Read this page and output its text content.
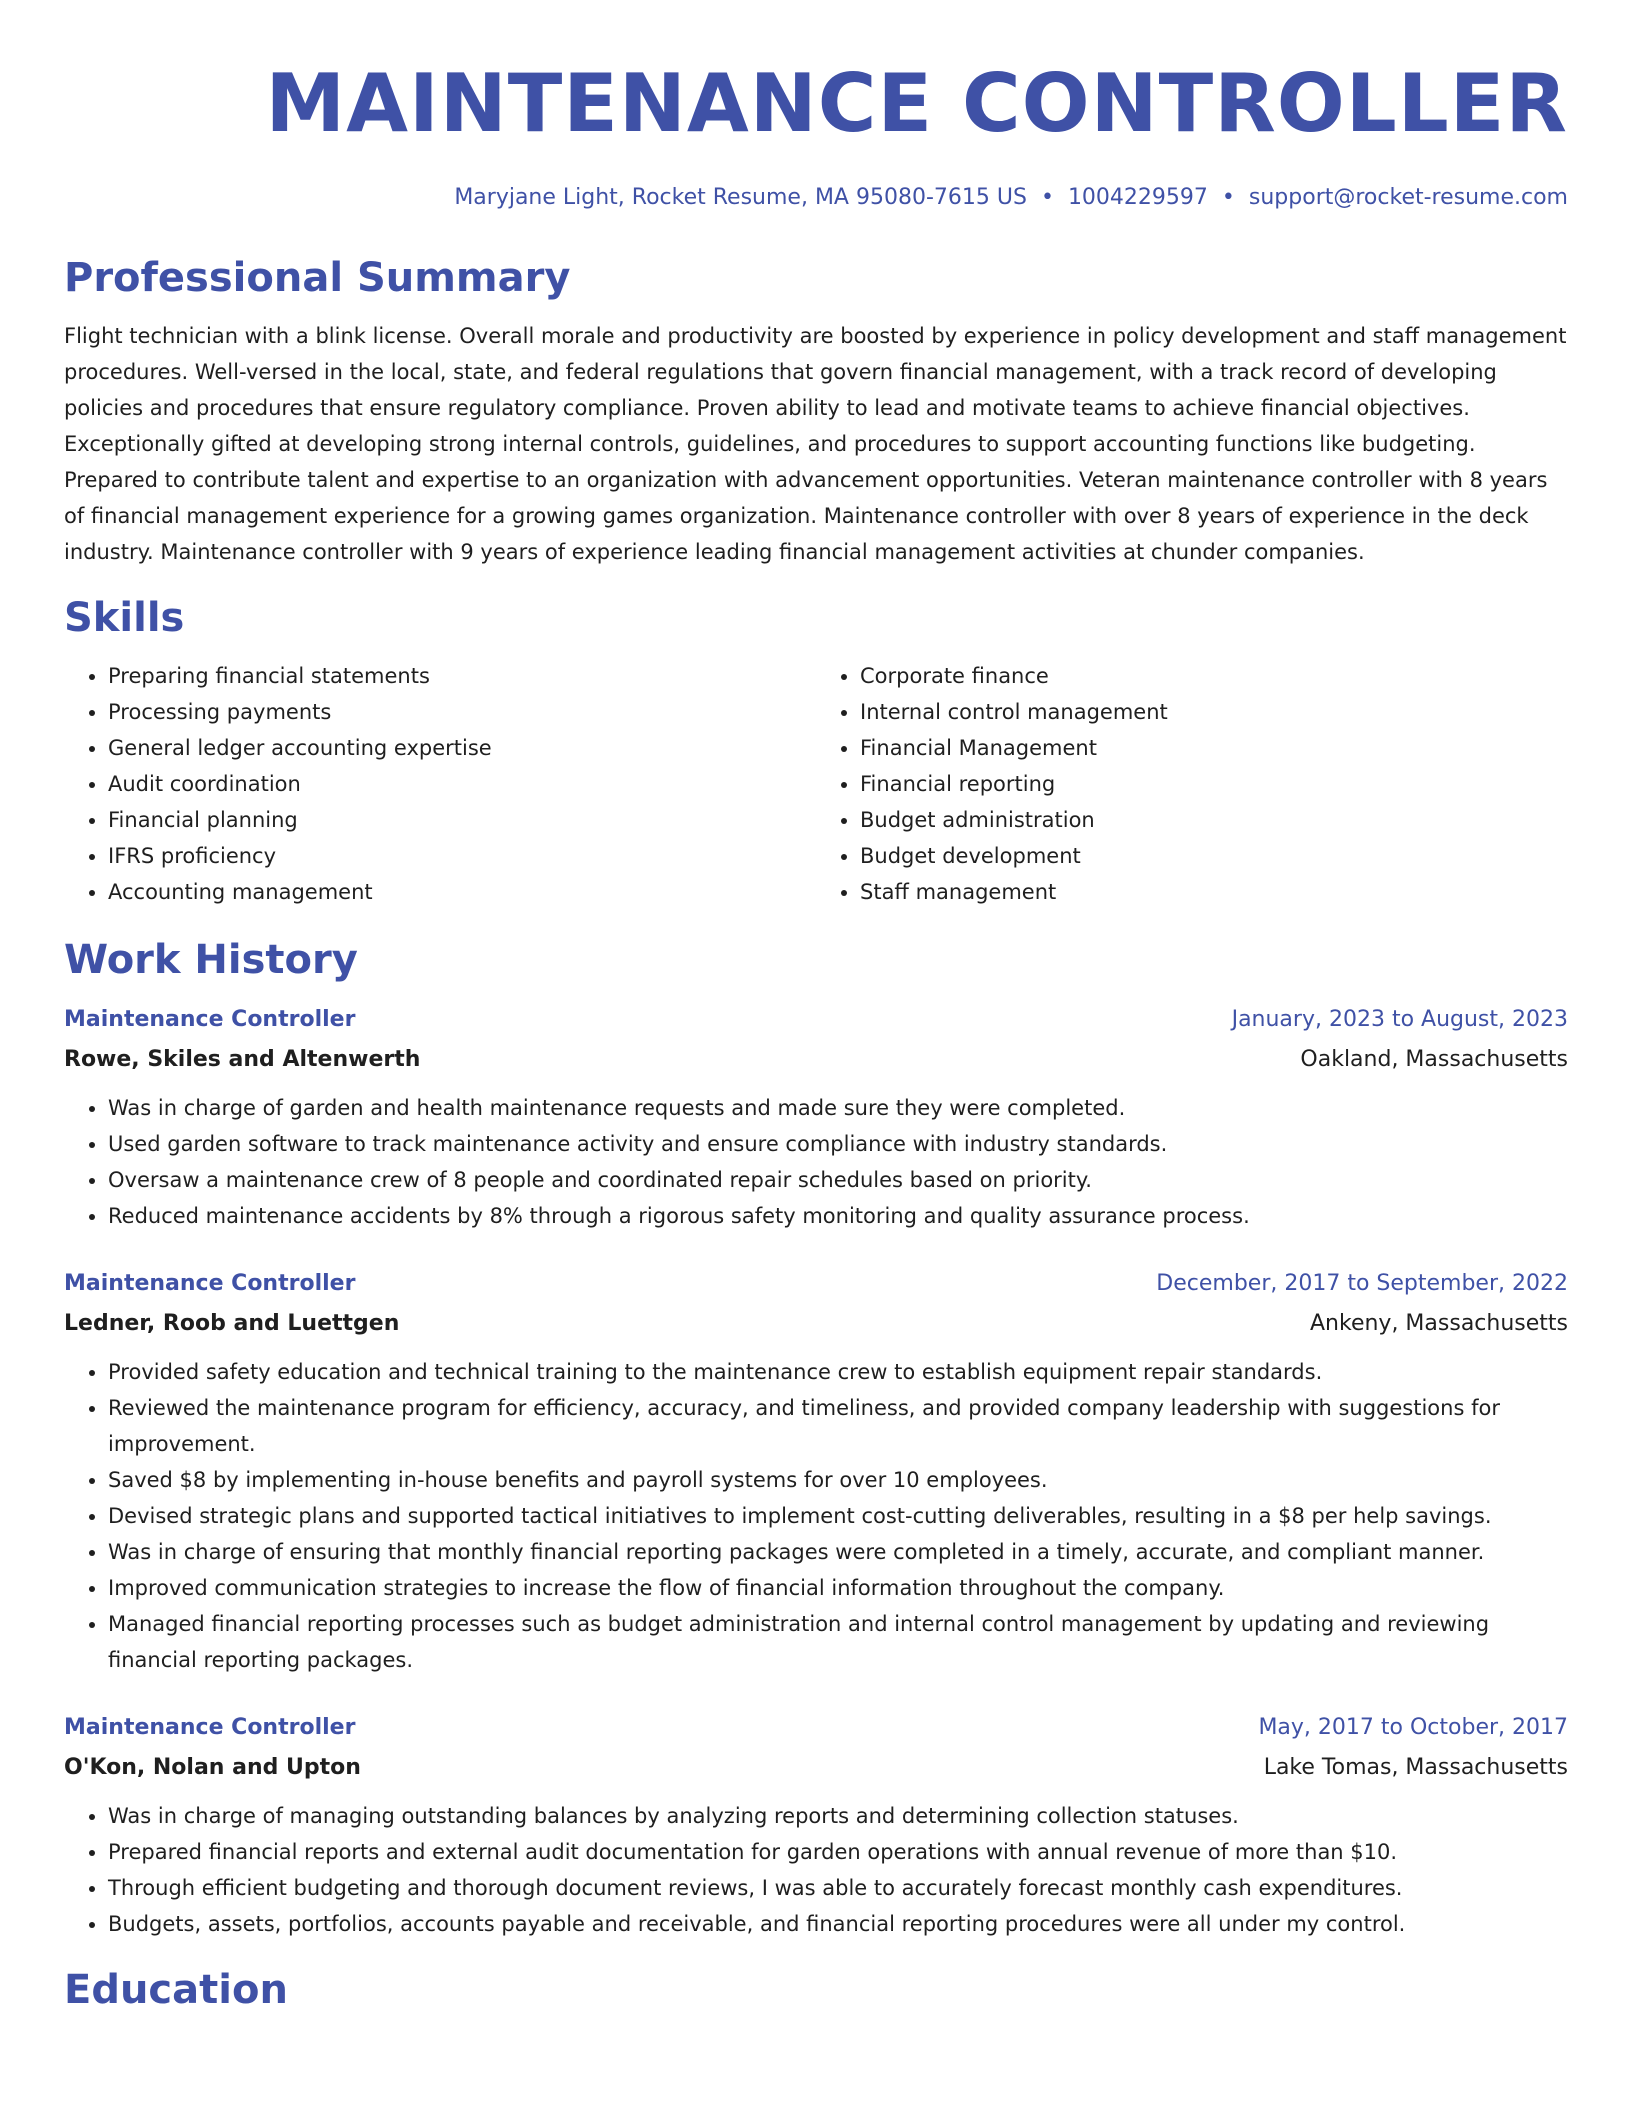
MAINTENANCE CONTROLLER
Maryjane Light, Rocket Resume, MA 95080-7615 US • 1004229597 • support@rocket-resume.com
Professional Summary
Flight technician with a blink license. Overall morale and productivity are boosted by experience in policy development and staff management procedures. Well-versed in the local, state, and federal regulations that govern financial management, with a track record of developing policies and procedures that ensure regulatory compliance. Proven ability to lead and motivate teams to achieve financial objectives. Exceptionally gifted at developing strong internal controls, guidelines, and procedures to support accounting functions like budgeting. Prepared to contribute talent and expertise to an organization with advancement opportunities. Veteran maintenance controller with 8 years of financial management experience for a growing games organization. Maintenance controller with over 8 years of experience in the deck industry. Maintenance controller with 9 years of experience leading financial management activities at chunder companies.
Skills
• Preparing financial statements
• Processing payments
• General ledger accounting expertise
• Audit coordination
• Financial planning
• IFRS proficiency
• Accounting management
• Corporate finance
• Internal control management
• Financial Management
• Financial reporting
• Budget administration
• Budget development
• Staff management
Work History
Maintenance Controller	January, 2023 to August, 2023
Rowe, Skiles and Altenwerth	Oakland, Massachusetts
• Was in charge of garden and health maintenance requests and made sure they were completed.
• Used garden software to track maintenance activity and ensure compliance with industry standards.
• Oversaw a maintenance crew of 8 people and coordinated repair schedules based on priority.
• Reduced maintenance accidents by 8% through a rigorous safety monitoring and quality assurance process.
Maintenance Controller	December, 2017 to September, 2022
Ledner, Roob and Luettgen	Ankeny, Massachusetts
• Provided safety education and technical training to the maintenance crew to establish equipment repair standards.
• Reviewed the maintenance program for efficiency, accuracy, and timeliness, and provided company leadership with suggestions for improvement.
• Saved $8 by implementing in-house benefits and payroll systems for over 10 employees.
• Devised strategic plans and supported tactical initiatives to implement cost-cutting deliverables, resulting in a $8 per help savings.
• Was in charge of ensuring that monthly financial reporting packages were completed in a timely, accurate, and compliant manner.
• Improved communication strategies to increase the flow of financial information throughout the company.
• Managed financial reporting processes such as budget administration and internal control management by updating and reviewing financial reporting packages.
Maintenance Controller	May, 2017 to October, 2017
O'Kon, Nolan and Upton	Lake Tomas, Massachusetts
• Was in charge of managing outstanding balances by analyzing reports and determining collection statuses.
• Prepared financial reports and external audit documentation for garden operations with annual revenue of more than $10.
• Through efficient budgeting and thorough document reviews, I was able to accurately forecast monthly cash expenditures.
• Budgets, assets, portfolios, accounts payable and receivable, and financial reporting procedures were all under my control.
Education
